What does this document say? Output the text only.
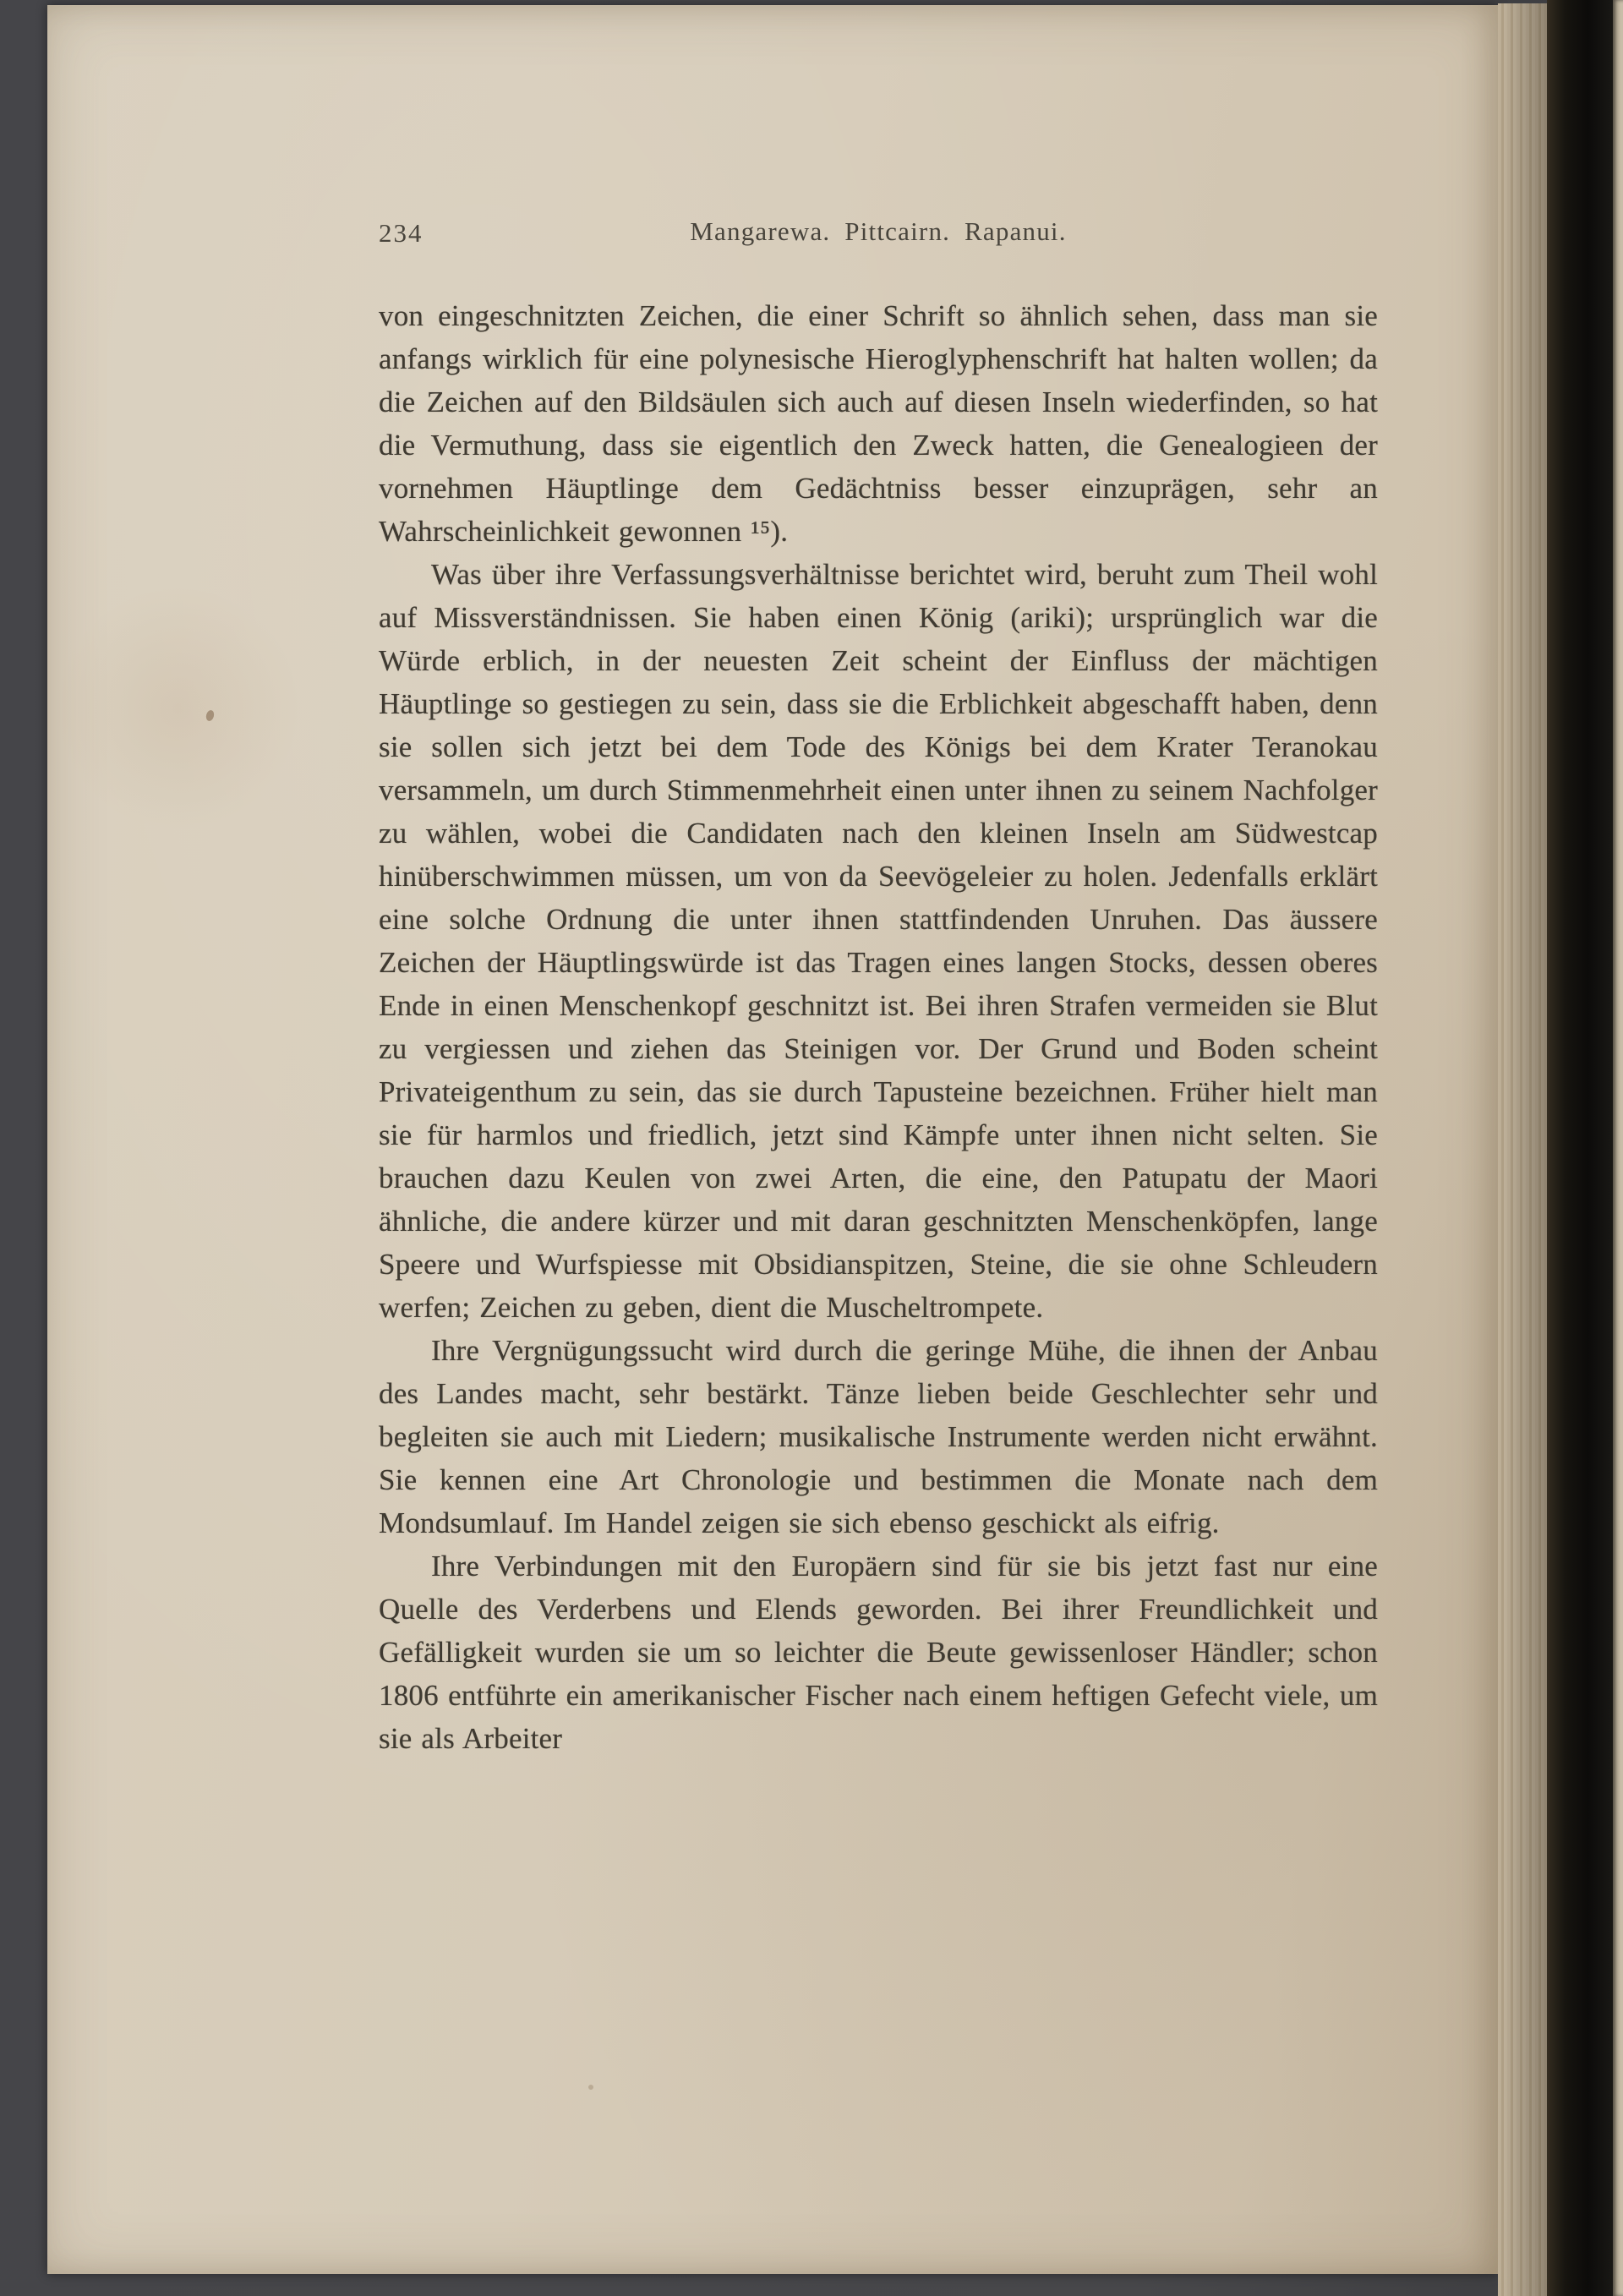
234	Mangarewa. Pittcairn. Rapanui.

von eingeschnitzten Zeichen, die einer Schrift so ähnlich sehen, dass man sie anfangs wirklich für eine polynesische Hieroglyphenschrift hat halten wollen; da die Zeichen auf den Bildsäulen sich auch auf diesen Inseln wiederfinden, so hat die Vermuthung, dass sie eigentlich den Zweck hatten, die Genealogieen der vornehmen Häuptlinge dem Gedächtniss besser einzuprägen, sehr an Wahrscheinlichkeit gewonnen ¹⁵).

Was über ihre Verfassungsverhältnisse berichtet wird, beruht zum Theil wohl auf Missverständnissen. Sie haben einen König (ariki); ursprünglich war die Würde erblich, in der neuesten Zeit scheint der Einfluss der mächtigen Häuptlinge so gestiegen zu sein, dass sie die Erblichkeit abgeschafft haben, denn sie sollen sich jetzt bei dem Tode des Königs bei dem Krater Teranokau versammeln, um durch Stimmenmehrheit einen unter ihnen zu seinem Nachfolger zu wählen, wobei die Candidaten nach den kleinen Inseln am Südwestcap hinüberschwimmen müssen, um von da Seevögeleier zu holen. Jedenfalls erklärt eine solche Ordnung die unter ihnen stattfindenden Unruhen. Das äussere Zeichen der Häuptlingswürde ist das Tragen eines langen Stocks, dessen oberes Ende in einen Menschenkopf geschnitzt ist. Bei ihren Strafen vermeiden sie Blut zu vergiessen und ziehen das Steinigen vor. Der Grund und Boden scheint Privateigenthum zu sein, das sie durch Tapusteine bezeichnen. Früher hielt man sie für harmlos und friedlich, jetzt sind Kämpfe unter ihnen nicht selten. Sie brauchen dazu Keulen von zwei Arten, die eine, den Patupatu der Maori ähnliche, die andere kürzer und mit daran geschnitzten Menschenköpfen, lange Speere und Wurfspiesse mit Obsidianspitzen, Steine, die sie ohne Schleudern werfen; Zeichen zu geben, dient die Muscheltrompete.

Ihre Vergnügungssucht wird durch die geringe Mühe, die ihnen der Anbau des Landes macht, sehr bestärkt. Tänze lieben beide Geschlechter sehr und begleiten sie auch mit Liedern; musikalische Instrumente werden nicht erwähnt. Sie kennen eine Art Chronologie und bestimmen die Monate nach dem Mondsumlauf. Im Handel zeigen sie sich ebenso geschickt als eifrig.

Ihre Verbindungen mit den Europäern sind für sie bis jetzt fast nur eine Quelle des Verderbens und Elends geworden. Bei ihrer Freundlichkeit und Gefälligkeit wurden sie um so leichter die Beute gewissenloser Händler; schon 1806 entführte ein amerikanischer Fischer nach einem heftigen Gefecht viele, um sie als Arbeiter
